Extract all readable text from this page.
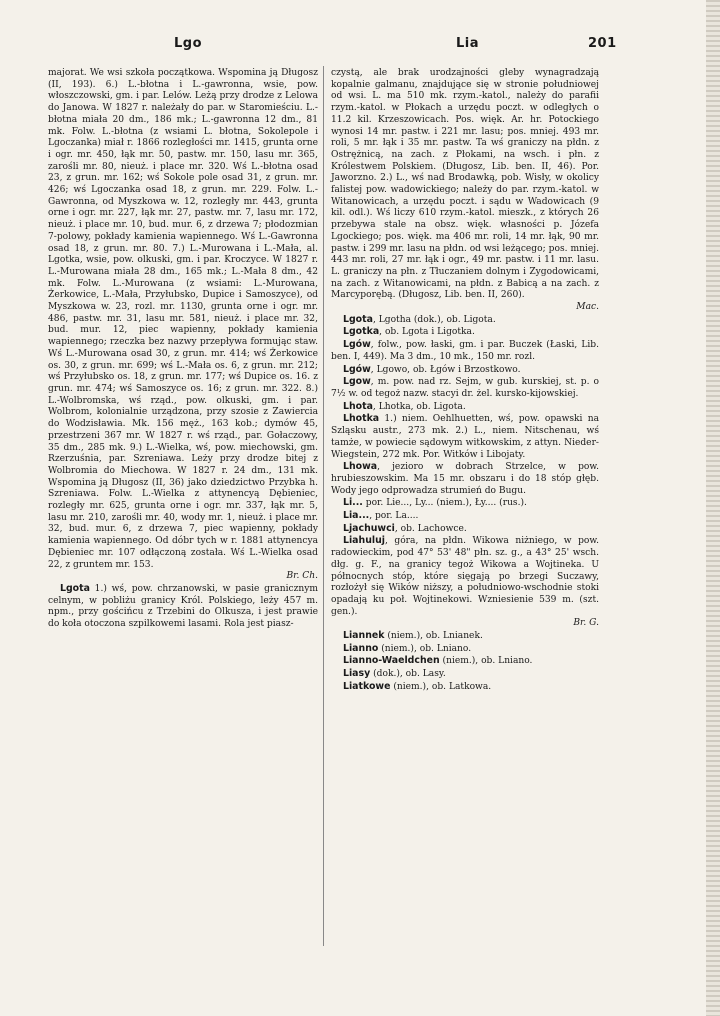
Lgo	Lia	201

majorat. We wsi szkoła początkowa. Wspomina ją Długosz (II, 193). 6.) L.-błotna i L.-gawronna, wsie, pow. włoszczowski, gm. i par. Lelów. Leżą przy drodze z Lelowa do Janowa. W 1827 r. należały do par. w Staromieściu. L.-błotna miała 20 dm., 186 mk.; L.-gawronna 12 dm., 81 mk. Folw. L.-błotna (z wsiami L. błotna, Sokolepole i Lgoczanka) miał r. 1866 rozległości mr. 1415, grunta orne i ogr. mr. 450, łąk mr. 50, pastw. mr. 150, lasu mr. 365, zarośli mr. 80, nieuż. i place mr. 320. Wś L.-błotna osad 23, z grun. mr. 162; wś Sokole pole osad 31, z grun. mr. 426; wś Lgoczanka osad 18, z grun. mr. 229. Folw. L.-Gawronna, od Myszkowa w. 12, rozległy mr. 443, grunta orne i ogr. mr. 227, łąk mr. 27, pastw. mr. 7, lasu mr. 172, nieuż. i place mr. 10, bud. mur. 6, z drzewa 7; płodozmian 7-polowy, pokłady kamienia wapiennego. Wś L.-Gawronna osad 18, z grun. mr. 80. 7.) L.-Murowana i L.-Mała, al. Lgotka, wsie, pow. olkuski, gm. i par. Kroczyce. W 1827 r. L.-Murowana miała 28 dm., 165 mk.; L.-Mała 8 dm., 42 mk. Folw. L.-Murowana (z wsiami: L.-Murowana, Żerkowice, L.-Mała, Przyłubsko, Dupice i Samoszyce), od Myszkowa w. 23, rozl. mr. 1130, grunta orne i ogr. mr. 486, pastw. mr. 31, lasu mr. 581, nieuż. i place mr. 32, bud. mur. 12, piec wapienny, pokłady kamienia wapiennego; rzeczka bez nazwy przepływa formując staw. Wś L.-Murowana osad 30, z grun. mr. 414; wś Żerkowice os. 30, z grun. mr. 699; wś L.-Mała os. 6, z grun. mr. 212; wś Przyłubsko os. 18, z grun. mr. 177; wś Dupice os. 16. z grun. mr. 474; wś Samoszyce os. 16; z grun. mr. 322. 8.) L.-Wolbromska, wś rząd., pow. olkuski, gm. i par. Wolbrom, kolonialnie urządzona, przy szosie z Zawiercia do Wodzisławia. Mk. 156 męż., 163 kob.; dymów 45, przestrzeni 367 mr. W 1827 r. wś rząd., par. Gołaczowy, 35 dm., 285 mk. 9.) L.-Wielka, wś, pow. miechowski, gm. Rzerzuśnia, par. Szreniawa. Leży przy drodze bitej z Wolbromia do Miechowa. W 1827 r. 24 dm., 131 mk. Wspomina ją Długosz (II, 36) jako dziedzictwo Przybka h. Szreniawa. Folw. L.-Wielka z attynencyą Dębieniec, rozległy mr. 625, grunta orne i ogr. mr. 337, łąk mr. 5, lasu mr. 210, zarośli mr. 40, wody mr. 1, nieuż. i place mr. 32, bud. mur. 6, z drzewa 7, piec wapienny, pokłady kamienia wapiennego. Od dóbr tych w r. 1881 attynencya Dębieniec mr. 107 odłączoną została. Wś L.-Wielka osad 22, z gruntem mr. 153.
Br. Ch.

Lgota 1.) wś, pow. chrzanowski, w pasie granicznym celnym, w pobliżu granicy Król. Polskiego, leży 457 m. npm., przy gościńcu z Trzebini do Olkusza, i jest prawie do koła otoczona szpilkowemi lasami. Rola jest piasz-

czystą, ale brak urodzajności gleby wynagradzają kopalnie galmanu, znajdujące się w stronie południowej od wsi. L. ma 510 mk. rzym.-katol., należy do parafii rzym.-katol. w Płokach a urzędu poczt. w odległych o 11.2 kil. Krzeszowicach. Pos. więk. Ar. hr. Potockiego wynosi 14 mr. pastw. i 221 mr. lasu; pos. mniej. 493 mr. roli, 5 mr. łąk i 35 mr. pastw. Ta wś graniczy na płdn. z Ostrężnicą, na zach. z Płokami, na wsch. i płn. z Królestwem Polskiem. (Długosz, Lib. ben. II, 46). Por. Jaworzno. 2.) L., wś nad Brodawką, pob. Wisły, w okolicy falistej pow. wadowickiego; należy do par. rzym.-katol. w Witanowicach, a urzędu poczt. i sądu w Wadowicach (9 kil. odl.). Wś liczy 610 rzym.-katol. mieszk., z których 26 przebywa stale na obsz. więk. własności p. Józefa Lgockiego; pos. więk. ma 406 mr. roli, 14 mr. łąk, 90 mr. pastw. i 299 mr. lasu na płdn. od wsi leżącego; pos. mniej. 443 mr. roli, 27 mr. łąk i ogr., 49 mr. pastw. i 11 mr. lasu. L. graniczy na płn. z Tłuczaniem dolnym i Zygodowicami, na zach. z Witanowicami, na płdn. z Babicą a na zach. z Marcyporębą. (Długosz, Lib. ben. II, 260).
Mac.

Lgota, Lgotha (dok.), ob. Ligota.

Lgotka, ob. Lgota i Ligotka.

Lgów, folw., pow. łaski, gm. i par. Buczek (Łaski, Lib. ben. I, 449). Ma 3 dm., 10 mk., 150 mr. rozl.

Lgów, Lgowo, ob. Łgów i Brzostkowo.

Lgow, m. pow. nad rz. Sejm, w gub. kurskiej, st. p. o 7½ w. od tegoż nazw. stacyi dr. żel. kursko-kijowskiej.

Lhota, Lhotka, ob. Ligota.

Lhotka 1.) niem. Oehlhuetten, wś, pow. opawski na Szląsku austr., 273 mk. 2.) L., niem. Nitschenau, wś tamże, w powiecie sądowym witkowskim, z attyn. Nieder-Wiegstein, 272 mk. Por. Witków i Libojaty.

Lhowa, jezioro w dobrach Strzelce, w pow. hrubieszowskim. Ma 15 mr. obszaru i do 18 stóp głęb. Wody jego odprowadza strumień do Bugu.

Li... por. Lie..., Ly... (niem.), Ły.... (rus.).

Lia..., por. La....

Ljachuwci, ob. Lachowce.

Liahuluj, góra, na płdn. Wikowa niżniego, w pow. radowieckim, pod 47° 53' 48" płn. sz. g., a 43° 25' wsch. dłg. g. F., na granicy tegoż Wikowa a Wojtineka. U północnych stóp, które sięgają po brzegi Suczawy, rozłożył się Wików niższy, a południowo-wschodnie stoki opadają ku poł. Wojtinekowi. Wzniesienie 539 m. (szt. gen.).
Br. G.

Liannek (niem.), ob. Lnianek.

Lianno (niem.), ob. Lniano.

Lianno-Waeldchen (niem.), ob. Lniano.

Liasy (dok.), ob. Lasy.

Liatkowe (niem.), ob. Latkowa.
